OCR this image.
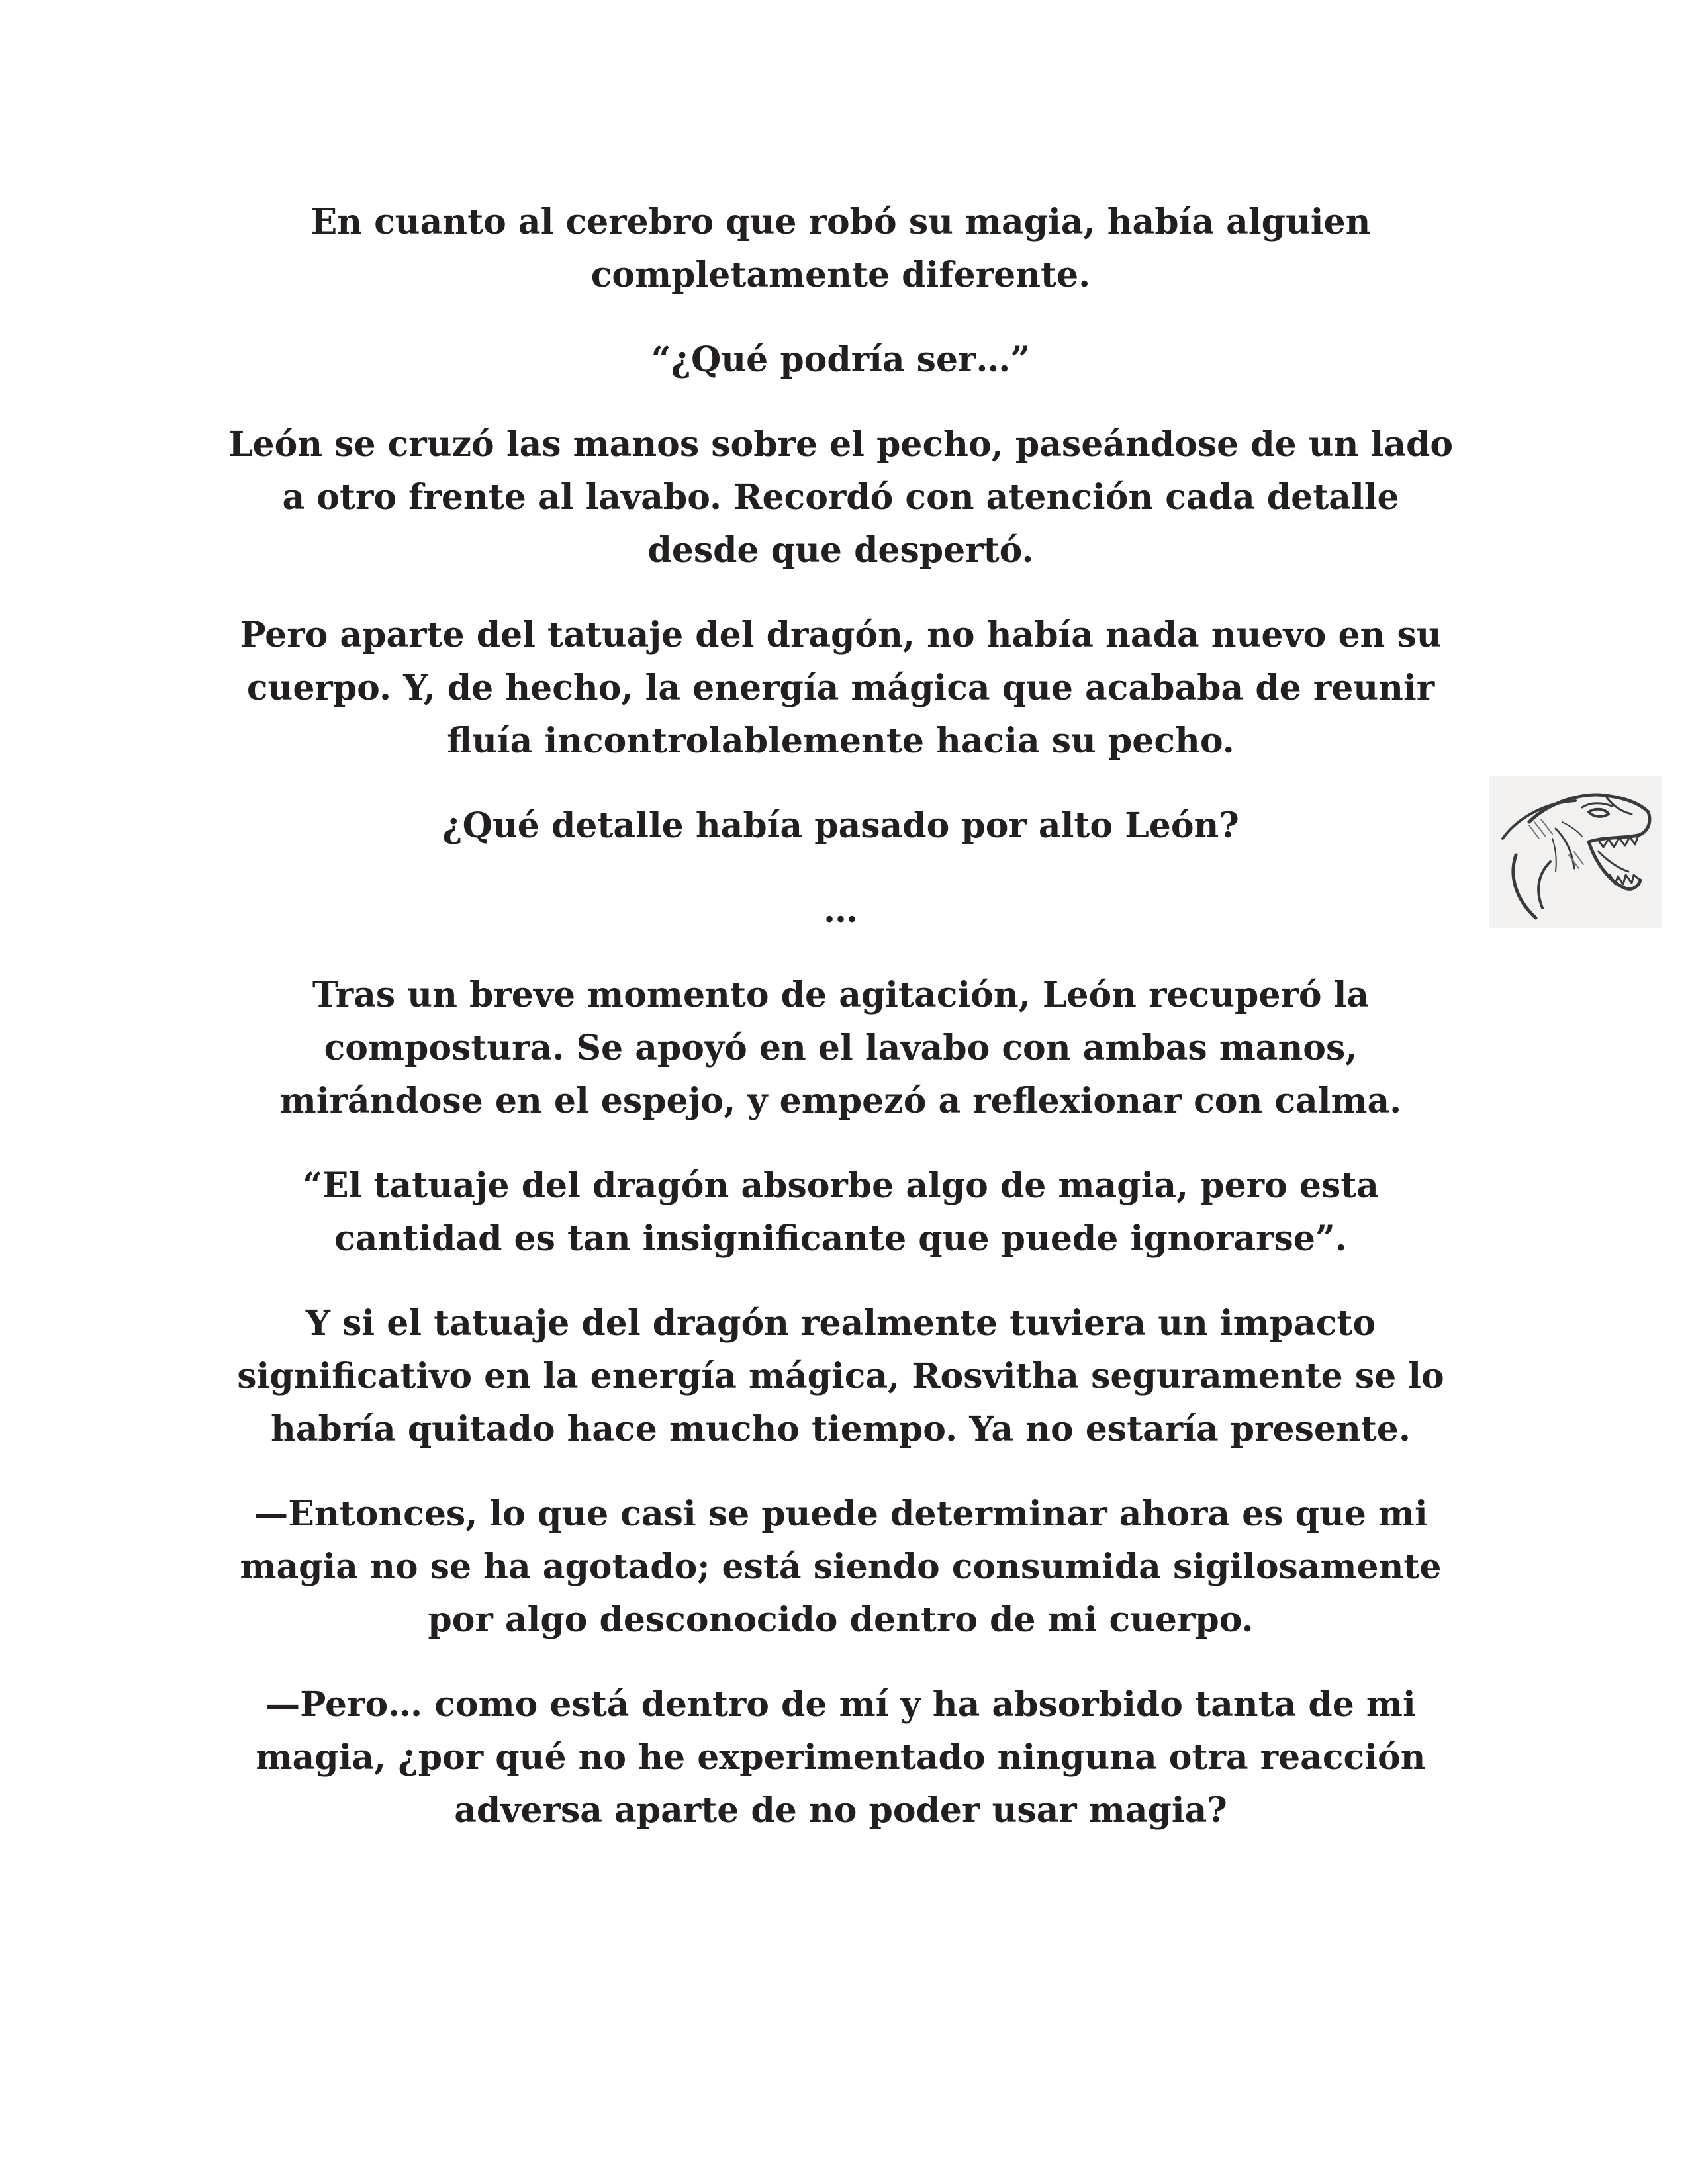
En cuanto al cerebro que robó su magia, había alguien completamente diferente.

“¿Qué podría ser…”

León se cruzó las manos sobre el pecho, paseándose de un lado a otro frente al lavabo. Recordó con atención cada detalle desde que despertó.

Pero aparte del tatuaje del dragón, no había nada nuevo en su cuerpo. Y, de hecho, la energía mágica que acababa de reunir fluía incontrolablemente hacia su pecho.

¿Qué detalle había pasado por alto León?

…

Tras un breve momento de agitación, León recuperó la compostura. Se apoyó en el lavabo con ambas manos, mirándose en el espejo, y empezó a reflexionar con calma.

“El tatuaje del dragón absorbe algo de magia, pero esta cantidad es tan insignificante que puede ignorarse”.

Y si el tatuaje del dragón realmente tuviera un impacto significativo en la energía mágica, Rosvitha seguramente se lo habría quitado hace mucho tiempo. Ya no estaría presente.

—Entonces, lo que casi se puede determinar ahora es que mi magia no se ha agotado; está siendo consumida sigilosamente por algo desconocido dentro de mi cuerpo.

—Pero… como está dentro de mí y ha absorbido tanta de mi magia, ¿por qué no he experimentado ninguna otra reacción adversa aparte de no poder usar magia?
